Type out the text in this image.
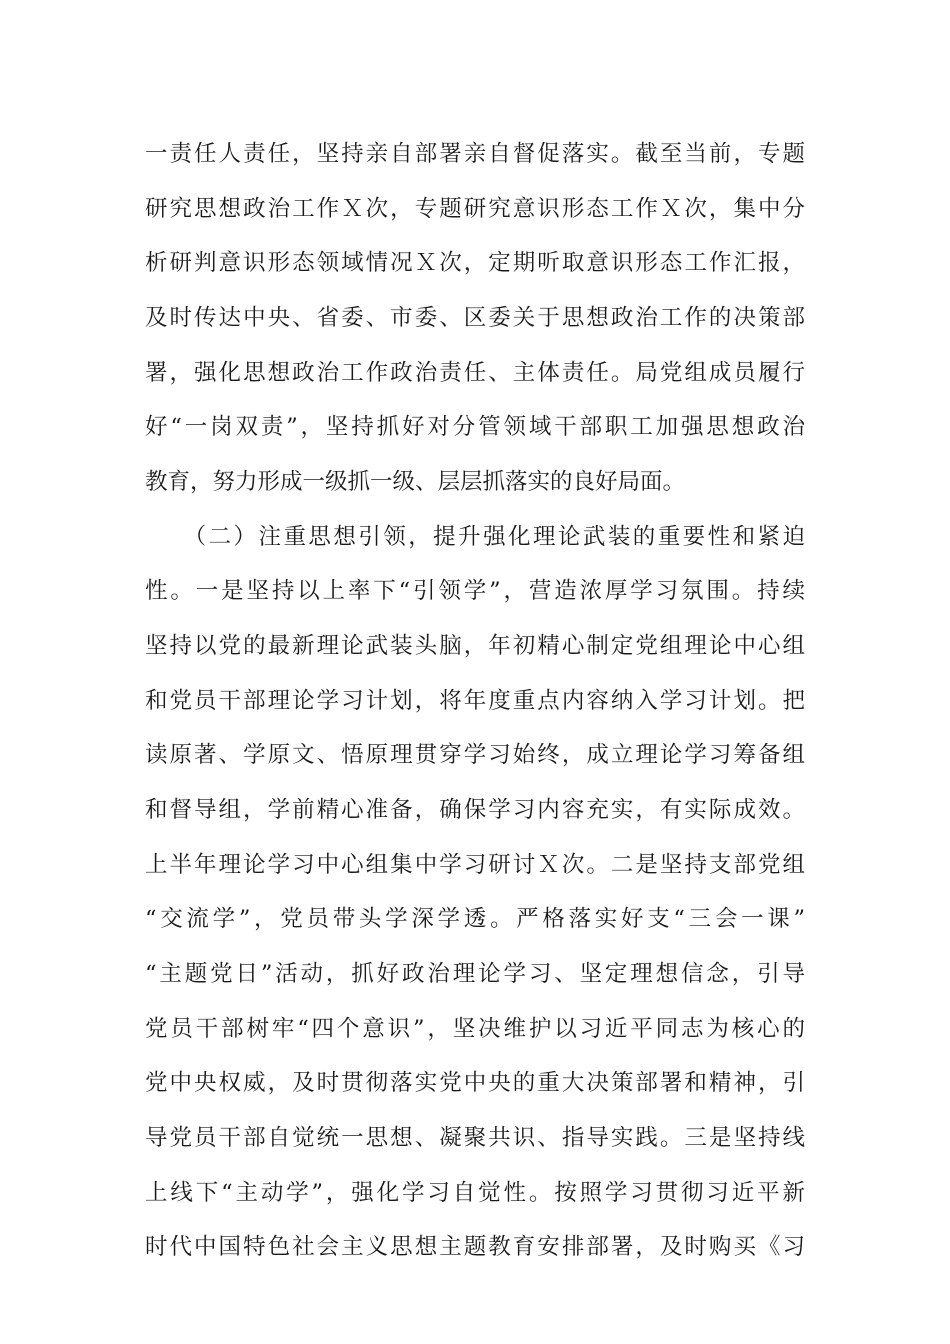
一责任人责任，坚持亲自部署亲自督促落实。截至当前，专题
研究思想政治工作Ｘ次，专题研究意识形态工作Ｘ次，集中分
析研判意识形态领域情况Ｘ次，定期听取意识形态工作汇报，
及时传达中央、省委、市委、区委关于思想政治工作的决策部
署，强化思想政治工作政治责任、主体责任。局党组成员履行
好“一岗双责”，坚持抓好对分管领域干部职工加强思想政治
教育，努力形成一级抓一级、层层抓落实的良好局面。
　　（二）注重思想引领，提升强化理论武装的重要性和紧迫
性。一是坚持以上率下“引领学”，营造浓厚学习氛围。持续
坚持以党的最新理论武装头脑，年初精心制定党组理论中心组
和党员干部理论学习计划，将年度重点内容纳入学习计划。把
读原著、学原文、悟原理贯穿学习始终，成立理论学习筹备组
和督导组，学前精心准备，确保学习内容充实，有实际成效。
上半年理论学习中心组集中学习研讨Ｘ次。二是坚持支部党组
“交流学”，党员带头学深学透。严格落实好支“三会一课”
“主题党日”活动，抓好政治理论学习、坚定理想信念，引导
党员干部树牢“四个意识”，坚决维护以习近平同志为核心的
党中央权威，及时贯彻落实党中央的重大决策部署和精神，引
导党员干部自觉统一思想、凝聚共识、指导实践。三是坚持线
上线下“主动学”，强化学习自觉性。按照学习贯彻习近平新
时代中国特色社会主义思想主题教育安排部署，及时购买《习
